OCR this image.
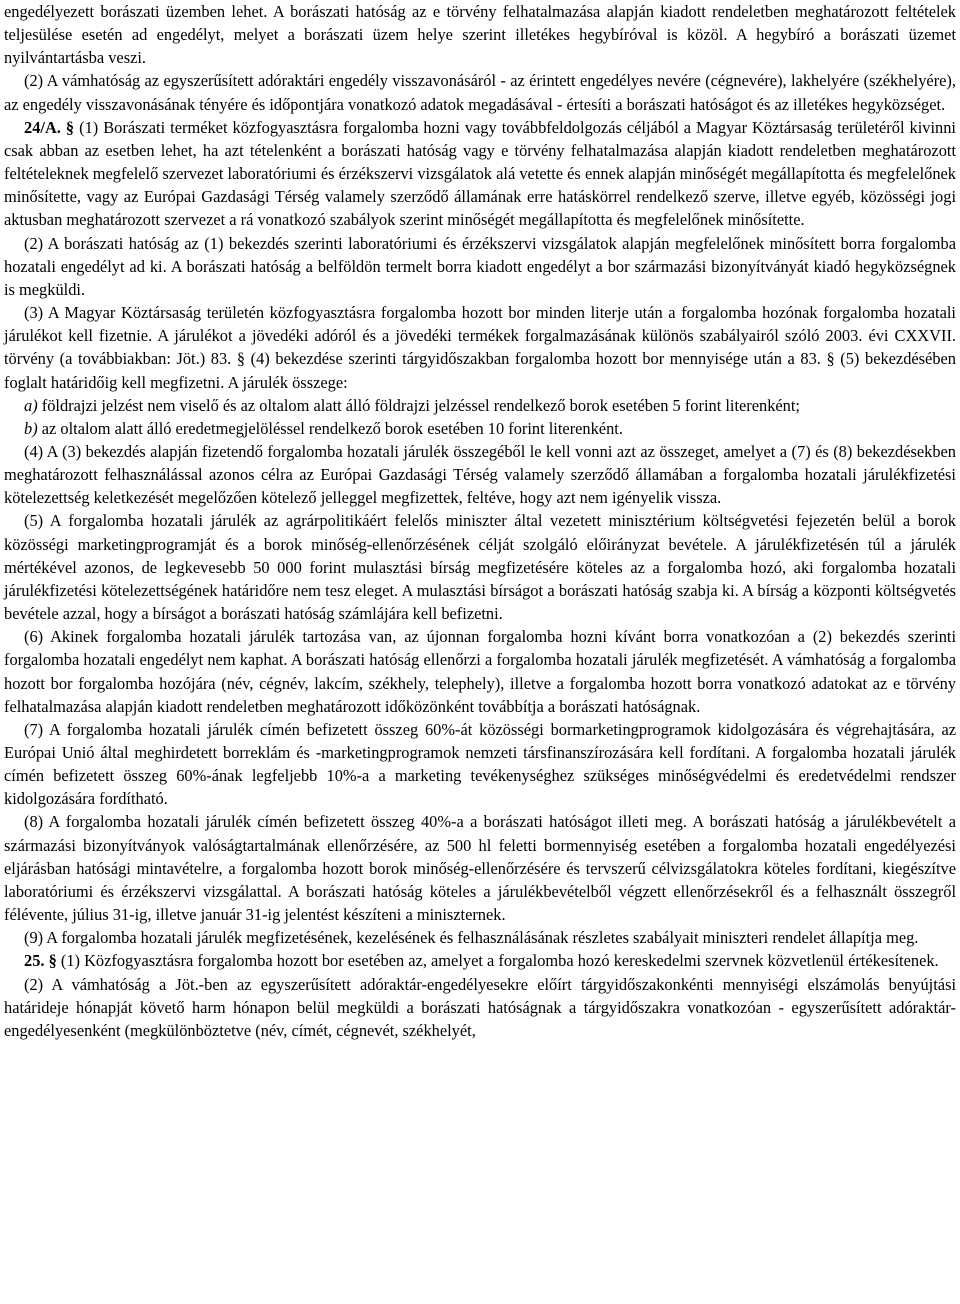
engedélyezett borászati üzemben lehet. A borászati hatóság az e törvény felhatalmazása alapján kiadott rendeletben meghatározott feltételek teljesülése esetén ad engedélyt, melyet a borászati üzem helye szerint illetékes hegybíróval is közöl. A hegybíró a borászati üzemet nyilvántartásba veszi.

(2) A vámhatóság az egyszerűsített adóraktári engedély visszavonásáról - az érintett engedélyes nevére (cégnevére), lakhelyére (székhelyére), az engedély visszavonásának tényére és időpontjára vonatkozó adatok megadásával - értesíti a borászati hatóságot és az illetékes hegyközséget.

24/A. § (1) Borászati terméket közfogyasztásra forgalomba hozni vagy továbbfeldolgozás céljából a Magyar Köztársaság területéről kivinni csak abban az esetben lehet, ha azt tételenként a borászati hatóság vagy e törvény felhatalmazása alapján kiadott rendeletben meghatározott feltételeknek megfelelő szervezet laboratóriumi és érzékszervi vizsgálatok alá vetette és ennek alapján minőségét megállapította és megfelelőnek minősítette, vagy az Európai Gazdasági Térség valamely szerződő államának erre hatáskörrel rendelkező szerve, illetve egyéb, közösségi jogi aktusban meghatározott szervezet a rá vonatkozó szabályok szerint minőségét megállapította és megfelelőnek minősítette.

(2) A borászati hatóság az (1) bekezdés szerinti laboratóriumi és érzékszervi vizsgálatok alapján megfelelőnek minősített borra forgalomba hozatali engedélyt ad ki. A borászati hatóság a belföldön termelt borra kiadott engedélyt a bor származási bizonyítványát kiadó hegyközségnek is megküldi.

(3) A Magyar Köztársaság területén közfogyasztásra forgalomba hozott bor minden literje után a forgalomba hozónak forgalomba hozatali járulékot kell fizetnie. A járulékot a jövedéki adóról és a jövedéki termékek forgalmazásának különös szabályairól szóló 2003. évi CXXVII. törvény (a továbbiakban: Jöt.) 83. § (4) bekezdése szerinti tárgyidőszakban forgalomba hozott bor mennyisége után a 83. § (5) bekezdésében foglalt határidőig kell megfizetni. A járulék összege:

a) földrajzi jelzést nem viselő és az oltalom alatt álló földrajzi jelzéssel rendelkező borok esetében 5 forint literenként;

b) az oltalom alatt álló eredetmegjelöléssel rendelkező borok esetében 10 forint literenként.

(4) A (3) bekezdés alapján fizetendő forgalomba hozatali járulék összegéből le kell vonni azt az összeget, amelyet a (7) és (8) bekezdésekben meghatározott felhasználással azonos célra az Európai Gazdasági Térség valamely szerződő államában a forgalomba hozatali járulékfizetési kötelezettség keletkezését megelőzően kötelező jelleggel megfizettek, feltéve, hogy azt nem igényelik vissza.

(5) A forgalomba hozatali járulék az agrárpolitikáért felelős miniszter által vezetett minisztérium költségvetési fejezetén belül a borok közösségi marketingprogramját és a borok minőség-ellenőrzésének célját szolgáló előirányzat bevétele. A járulékfizetésén túl a járulék mértékével azonos, de legkevesebb 50 000 forint mulasztási bírság megfizetésére köteles az a forgalomba hozó, aki forgalomba hozatali járulékfizetési kötelezettségének határidőre nem tesz eleget. A mulasztási bírságot a borászati hatóság szabja ki. A bírság a központi költségvetés bevétele azzal, hogy a bírságot a borászati hatóság számlájára kell befizetni.

(6) Akinek forgalomba hozatali járulék tartozása van, az újonnan forgalomba hozni kívánt borra vonatkozóan a (2) bekezdés szerinti forgalomba hozatali engedélyt nem kaphat. A borászati hatóság ellenőrzi a forgalomba hozatali járulék megfizetését. A vámhatóság a forgalomba hozott bor forgalomba hozójára (név, cégnév, lakcím, székhely, telephely), illetve a forgalomba hozott borra vonatkozó adatokat az e törvény felhatalmazása alapján kiadott rendeletben meghatározott időközönként továbbítja a borászati hatóságnak.

(7) A forgalomba hozatali járulék címén befizetett összeg 60%-át közösségi bormarketingprogramok kidolgozására és végrehajtására, az Európai Unió által meghirdetett borreklám és -marketingprogramok nemzeti társfinanszírozására kell fordítani. A forgalomba hozatali járulék címén befizetett összeg 60%-ának legfeljebb 10%-a a marketing tevékenységhez szükséges minőségvédelmi és eredetvédelmi rendszer kidolgozására fordítható.

(8) A forgalomba hozatali járulék címén befizetett összeg 40%-a a borászati hatóságot illeti meg. A borászati hatóság a járulékbevételt a származási bizonyítványok valóságtartalmának ellenőrzésére, az 500 hl feletti bormennyiség esetében a forgalomba hozatali engedélyezési eljárásban hatósági mintavételre, a forgalomba hozott borok minőség-ellenőrzésére és tervszerű célvizsgálatokra köteles fordítani, kiegészítve laboratóriumi és érzékszervi vizsgálattal. A borászati hatóság köteles a járulékbevételből végzett ellenőrzésekről és a felhasznált összegről félévente, július 31-ig, illetve január 31-ig jelentést készíteni a miniszternek.

(9) A forgalomba hozatali járulék megfizetésének, kezelésének és felhasználásának részletes szabályait miniszteri rendelet állapítja meg.

25. § (1) Közfogyasztásra forgalomba hozott bor esetében az, amelyet a forgalomba hozó kereskedelmi szervnek közvetlenül értékesítenek.

(2) A vámhatóság a Jöt.-ben az egyszerűsített adóraktár-engedélyesekre előírt tárgyidőszakonkénti mennyiségi elszámolás benyújtási határideje hónapját követő harm hónapon belül megküldi a borászati hatóságnak a tárgyidőszakra vonatkozóan - egyszerűsített adóraktár-engedélyesenként (megkülönböztetve (név, címét, cégnevét, székhelyét,
